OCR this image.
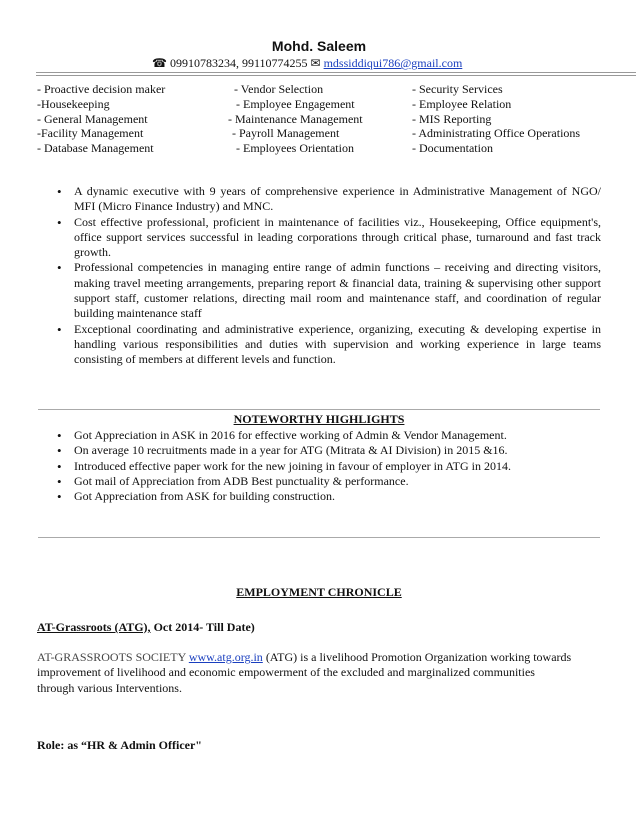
Mohd. Saleem
☎ 09910783234, 99110774255 ✉ mdssiddiqui786@gmail.com
- Proactive decision maker
-Housekeeping
- General Management
-Facility Management
- Database Management
- Vendor Selection
- Employee Engagement
- Maintenance Management
- Payroll Management
- Employees Orientation
- Security Services
- Employee Relation
- MIS Reporting
- Administrating Office Operations
- Documentation
• A dynamic executive with 9 years of comprehensive experience in Administrative Management of NGO/ MFI (Micro Finance Industry) and MNC.
• Cost effective professional, proficient in maintenance of facilities viz., Housekeeping, Office equipment's, office support services successful in leading corporations through critical phase, turnaround and fast track growth.
• Professional competencies in managing entire range of admin functions – receiving and directing visitors, making travel meeting arrangements, preparing report & financial data, training & supervising other support support staff, customer relations, directing mail room and maintenance staff, and coordination of regular building maintenance staff
• Exceptional coordinating and administrative experience, organizing, executing & developing expertise in handling various responsibilities and duties with supervision and working experience in large teams consisting of members at different levels and function.
NOTEWORTHY HIGHLIGHTS
• Got Appreciation in ASK in 2016 for effective working of Admin & Vendor Management.
• On average 10 recruitments made in a year for ATG (Mitrata & AI Division) in 2015 &16.
• Introduced effective paper work for the new joining in favour of employer in ATG in 2014.
• Got mail of Appreciation from ADB Best punctuality & performance.
• Got Appreciation from ASK for building construction.
EMPLOYMENT CHRONICLE
AT-Grassroots (ATG), Oct 2014- Till Date)
AT-GRASSROOTS SOCIETY www.atg.org.in (ATG) is a livelihood Promotion Organization working towards improvement of livelihood and economic empowerment of the excluded and marginalized communities through various Interventions.
Role: as “HR & Admin Officer"
